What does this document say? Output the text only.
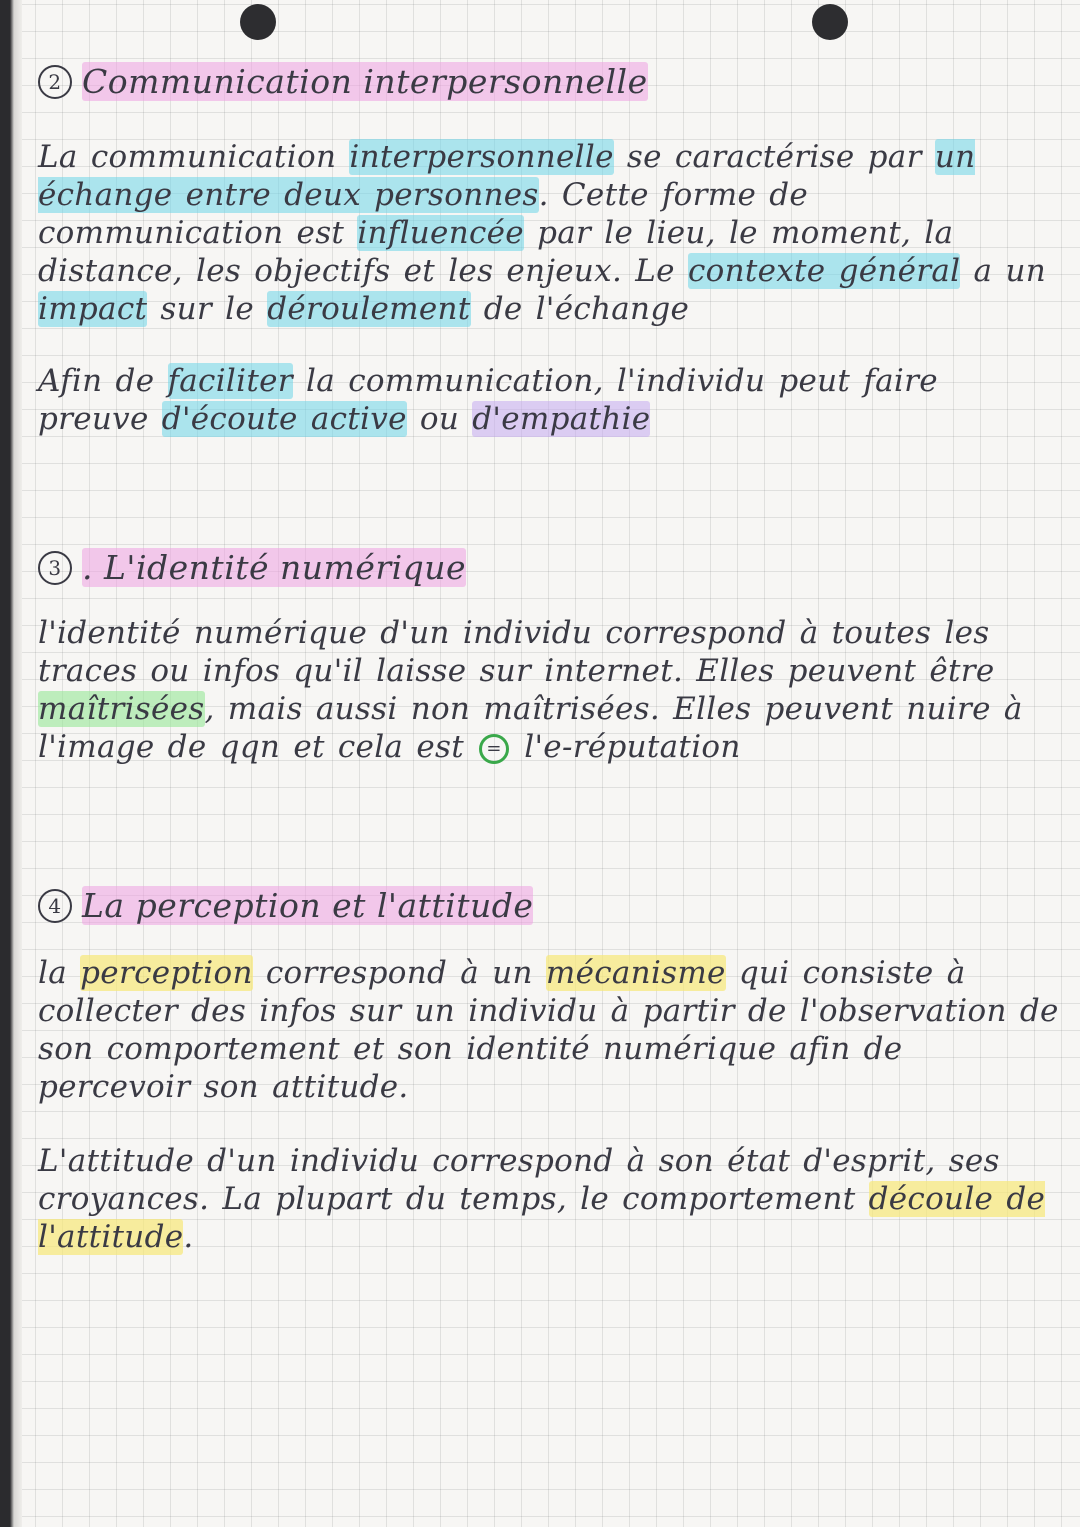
2 Communication interpersonnelle

La communication interpersonnelle se caractérise par un échange entre deux personnes. Cette forme de communication est influencée par le lieu, le moment, la distance, les objectifs et les enjeux. Le contexte général a un impact sur le déroulement de l'échange

Afin de faciliter la communication, l'individu peut faire preuve d'écoute active ou d'empathie

3 . L'identité numérique

l'identité numérique d'un individu correspond à toutes les traces ou infos qu'il laisse sur internet. Elles peuvent être maîtrisées, mais aussi non maîtrisées. Elles peuvent nuire à l'image de qqn et cela est = l'e-réputation

4 La perception et l'attitude

la perception correspond à un mécanisme qui consiste à collecter des infos sur un individu à partir de l'observation de son comportement et son identité numérique afin de percevoir son attitude.

L'attitude d'un individu correspond à son état d'esprit, ses croyances. La plupart du temps, le comportement découle de l'attitude.
